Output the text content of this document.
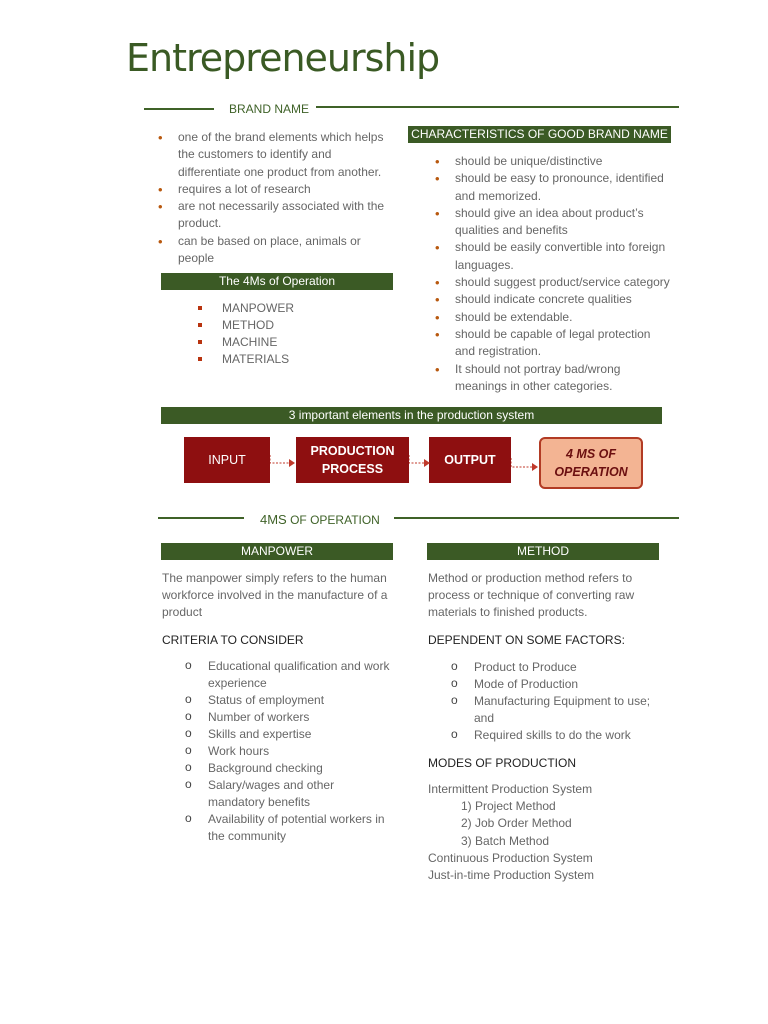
Entrepreneurship
BRAND NAME
• one of the brand elements which helps the customers to identify and differentiate one product from another.
• requires a lot of research
• are not necessarily associated with the product.
• can be based on place, animals or people
CHARACTERISTICS OF GOOD BRAND NAME
• should be unique/distinctive
• should be easy to pronounce, identified and memorized.
• should give an idea about product’s qualities and benefits
• should be easily convertible into foreign languages.
• should suggest product/service category
• should indicate concrete qualities
• should be extendable.
• should be capable of legal protection and registration.
• It should not portray bad/wrong meanings in other categories.
The 4Ms of Operation
MANPOWER
METHOD
MACHINE
MATERIALS
3 important elements in the production system
INPUT
PRODUCTION PROCESS
OUTPUT	4 MS OF OPERATION
4MS OF OPERATION
MANPOWER
The manpower simply refers to the human workforce involved in the manufacture of a product
CRITERIA TO CONSIDER
o Educational qualification and work experience
o Status of employment
o Number of workers
o Skills and expertise
o Work hours
o Background checking
o Salary/wages and other mandatory benefits
o Availability of potential workers in the community
METHOD
Method or production method refers to process or technique of converting raw materials to finished products.
DEPENDENT ON SOME FACTORS:
o Product to Produce
o Mode of Production
o Manufacturing Equipment to use; and
o Required skills to do the work
MODES OF PRODUCTION
Intermittent Production System
1) Project Method
2) Job Order Method
3) Batch Method
Continuous Production System
Just-in-time Production System
